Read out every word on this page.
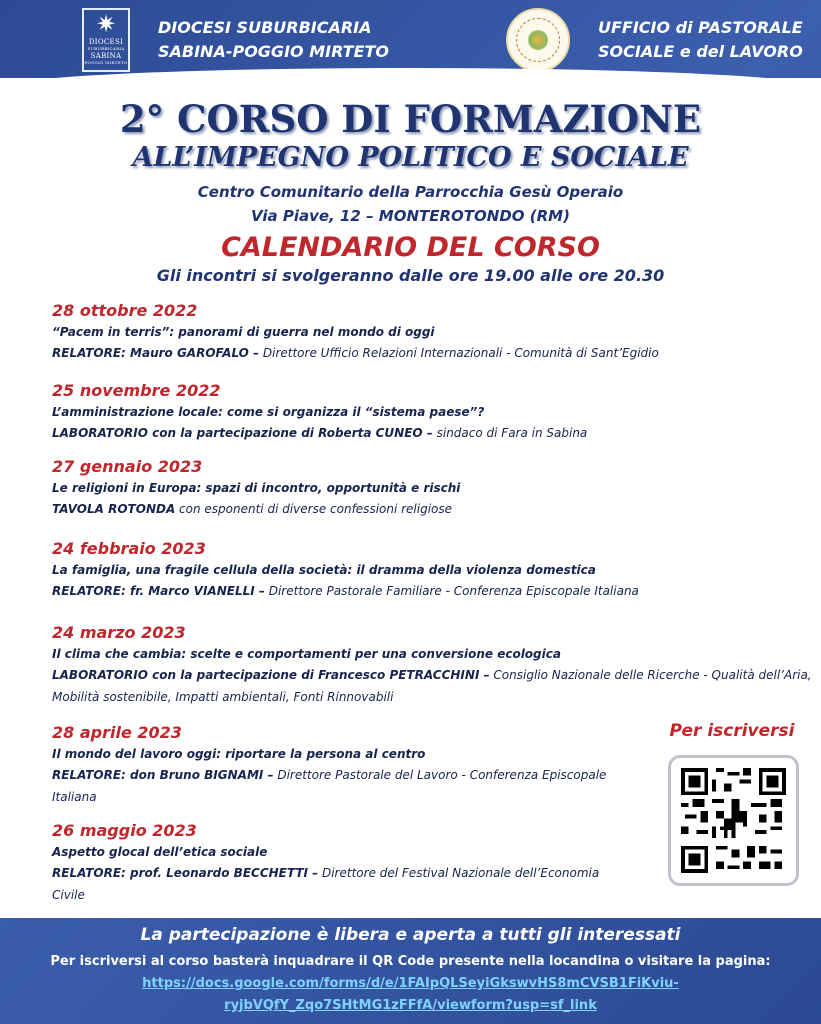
✷
DIOCESI
SUBURBICARIA
SABINA
POGGIO MIRTETO
DIOCESI SUBURBICARIA
SABINA-POGGIO MIRTETO
UFFICIO di PASTORALE
SOCIALE e del LAVORO
2° CORSO DI FORMAZIONE
ALL’IMPEGNO POLITICO E SOCIALE
Centro Comunitario della Parrocchia Gesù Operaio
Via Piave, 12 – MONTEROTONDO (RM)
CALENDARIO DEL CORSO
Gli incontri si svolgeranno dalle ore 19.00 alle ore 20.30
28 ottobre 2022
“Pacem in terris”: panorami di guerra nel mondo di oggi
RELATORE: Mauro GAROFALO – Direttore Ufficio Relazioni Internazionali - Comunità di Sant’Egidio
25 novembre 2022
L’amministrazione locale: come si organizza il “sistema paese”?
LABORATORIO con la partecipazione di Roberta CUNEO – sindaco di Fara in Sabina
27 gennaio 2023
Le religioni in Europa: spazi di incontro, opportunità e rischi
TAVOLA ROTONDA con esponenti di diverse confessioni religiose
24 febbraio 2023
La famiglia, una fragile cellula della società: il dramma della violenza domestica
RELATORE: fr. Marco VIANELLI – Direttore Pastorale Familiare - Conferenza Episcopale Italiana
24 marzo 2023
Il clima che cambia: scelte e comportamenti per una conversione ecologica
LABORATORIO con la partecipazione di Francesco PETRACCHINI – Consiglio Nazionale delle Ricerche - Qualità dell’Aria, Mobilità sostenibile, Impatti ambientali, Fonti Rinnovabili
28 aprile 2023
Il mondo del lavoro oggi: riportare la persona al centro
RELATORE: don Bruno BIGNAMI – Direttore Pastorale del Lavoro - Conferenza Episcopale Italiana
26 maggio 2023
Aspetto glocal dell’etica sociale
RELATORE: prof. Leonardo BECCHETTI – Direttore del Festival Nazionale dell’Economia Civile
Per iscriversi
La partecipazione è libera e aperta a tutti gli interessati
Per iscriversi al corso basterà inquadrare il QR Code presente nella locandina o visitare la pagina: https://docs.google.com/forms/d/e/1FAIpQLSeyiGkswvHS8mCVSB1FiKviu-ryjbVQfY_Zqo7SHtMG1zFFfA/viewform?usp=sf_link
